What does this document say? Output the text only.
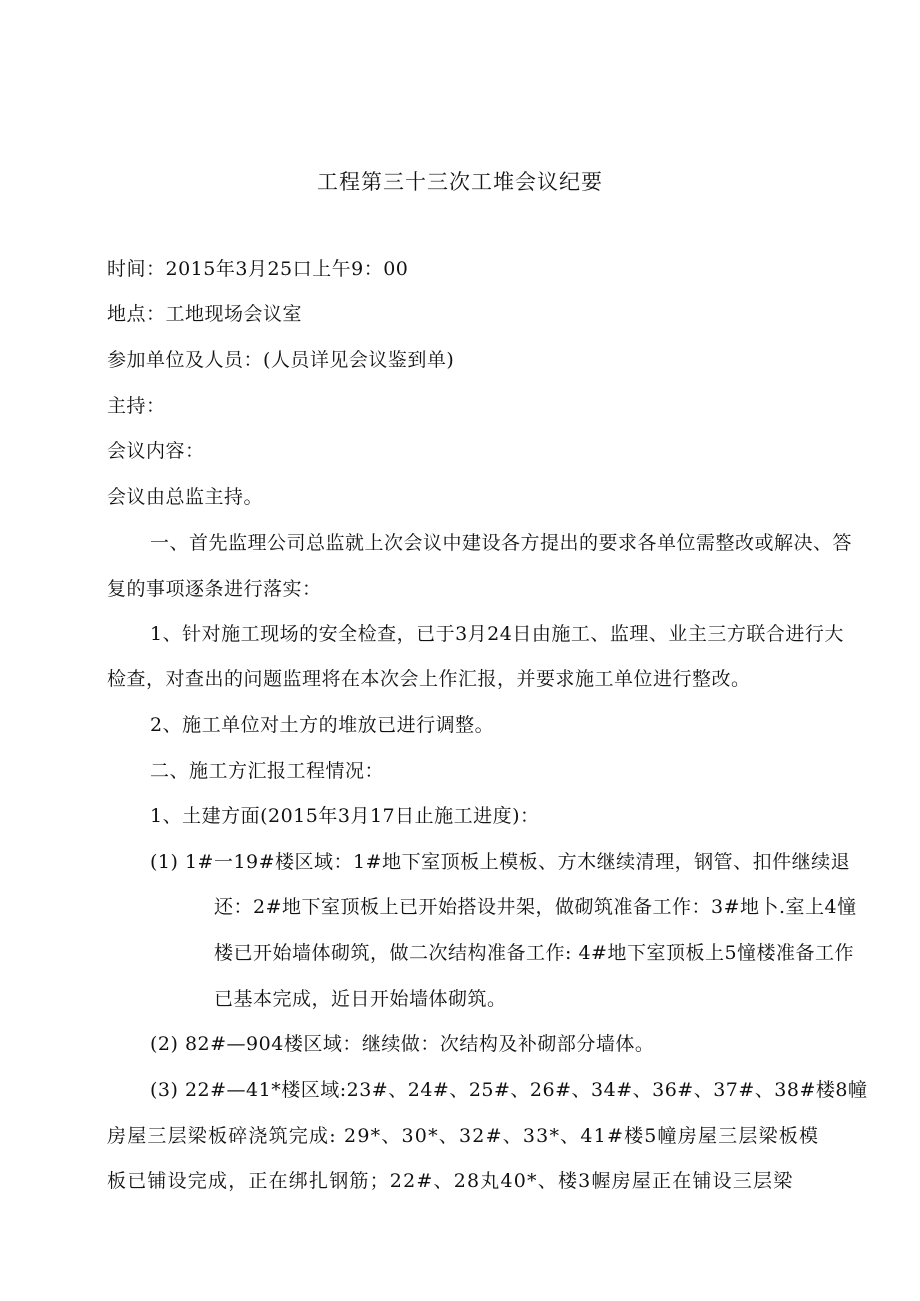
工程第三十三次工堆会议纪要
时间：2015年3月25口上午9：00
地点：工地现场会议室
参加单位及人员：(人员详见会议鉴到单)
主持：
会议内容：
会议由总监主持。
一、首先监理公司总监就上次会议中建设各方提出的要求各单位需整改或解决、答
复的事项逐条进行落实：
1、针对施工现场的安全检查，已于3月24日由施工、监理、业主三方联合进行大
检查，对查出的问题监理将在本次会上作汇报，并要求施工单位进行整改。
2、施工单位对土方的堆放已进行调整。
二、施工方汇报工程情况：
1、土建方面(2015年3月17日止施工进度)：
(1) 1#一19#楼区域：1#地下室顶板上模板、方木继续清理，钢管、扣件继续退
还：2#地下室顶板上已开始搭设井架，做砌筑准备工作：3#地卜.室上4憧
楼已开始墙体砌筑，做二次结构准备工作: 4#地下室顶板上5憧楼准备工作
已基本完成，近日开始墙体砌筑。
(2) 82#—904楼区域：继续做：次结构及补砌部分墙体。
(3) 22#—41*楼区域:23#、24#、25#、26#、34#、36#、37#、38#楼8幢
房屋三层梁板碎浇筑完成: 29*、30*、32#、33*、41#楼5幢房屋三层梁板模
板已铺设完成，正在绑扎钢筋；22#、28丸40*、楼3幄房屋正在铺设三层梁
